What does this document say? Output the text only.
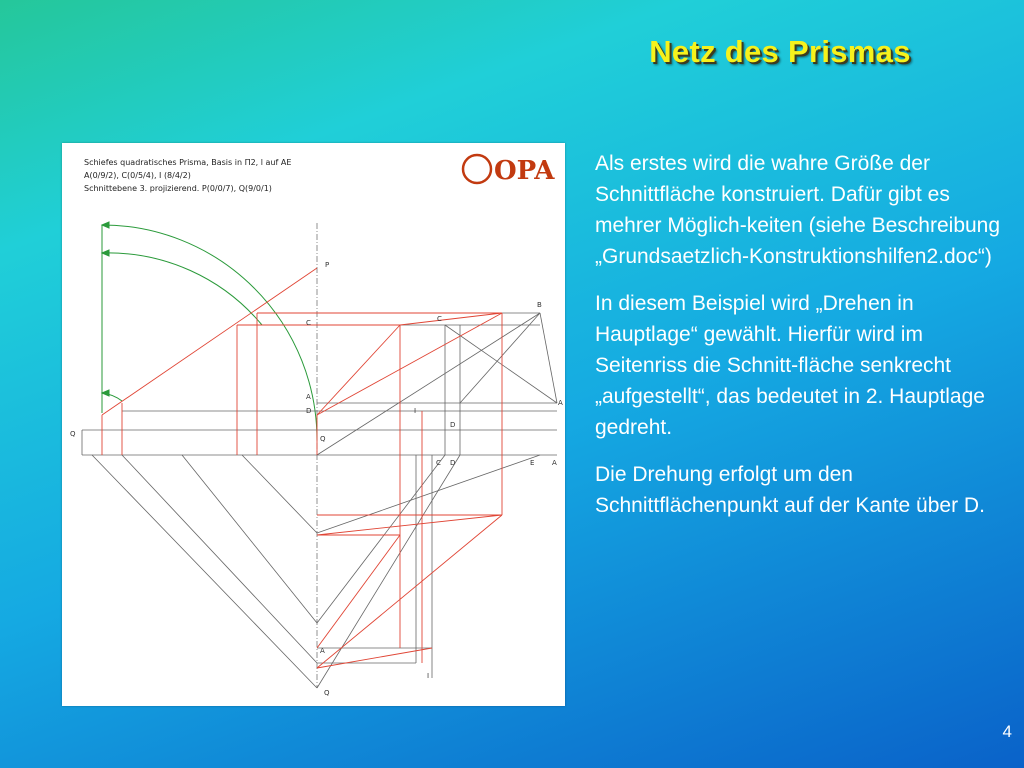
Netz des Prismas
Schiefes quadratisches Prisma, Basis in Π2, l auf AE
A(0/9/2), C(0/5/4), I (8/4/2)
Schnittebene 3. projizierend. P(0/0/7), Q(9/0/1)
OPA
P
B
C	C
A
A
D
D
I
Q
Q
C D	E	A
A
I
Q

Als erstes wird die wahre Größe der Schnittfläche konstruiert. Dafür gibt es mehrer Möglich-keiten (siehe Beschreibung „Grundsaetzlich-Konstruktionshilfen2.doc“)

In diesem Beispiel wird „Drehen in Hauptlage“ gewählt. Hierfür wird im Seitenriss die Schnitt-fläche senkrecht „aufgestellt“, das bedeutet in 2. Hauptlage gedreht.

Die Drehung erfolgt um den Schnittflächenpunkt auf der Kante über D.

4
